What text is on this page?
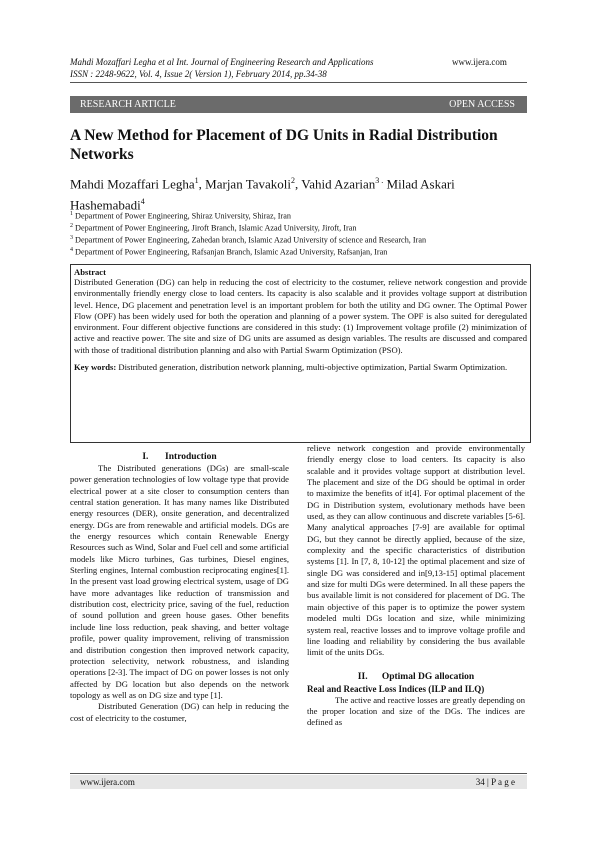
Mahdi Mozaffari Legha et al Int. Journal of Engineering Research and Applications	www.ijera.com
ISSN : 2248-9622, Vol. 4, Issue 2( Version 1), February 2014, pp.34-38
RESEARCH ARTICLE	OPEN ACCESS
A New Method for Placement of DG Units in Radial Distribution Networks
Mahdi Mozaffari Legha$^1$, Marjan Tavakoli$^2$, Vahid Azarian$^{3 .}$ Milad Askari Hashemabadi$^4$
$^1$ Department of Power Engineering, Shiraz University, Shiraz, Iran
$^2$ Department of Power Engineering, Jiroft Branch, Islamic Azad University, Jiroft, Iran
$^3$ Department of Power Engineering, Zahedan branch, Islamic Azad University of science and Research, Iran
$^4$ Department of Power Engineering, Rafsanjan Branch, Islamic Azad University, Rafsanjan, Iran
Abstract
Distributed Generation (DG) can help in reducing the cost of electricity to the costumer, relieve network congestion and provide environmentally friendly energy close to load centers. Its capacity is also scalable and it provides voltage support at distribution level. Hence, DG placement and penetration level is an important problem for both the utility and DG owner. The Optimal Power Flow (OPF) has been widely used for both the operation and planning of a power system. The OPF is also suited for deregulated environment. Four different objective functions are considered in this study: (1) Improvement voltage profile (2) minimization of active and reactive power. The site and size of DG units are assumed as design variables. The results are discussed and compared with those of traditional distribution planning and also with Partial Swarm Optimization (PSO).
Key words: Distributed generation, distribution network planning, multi-objective optimization, Partial Swarm Optimization.
I.       Introduction

The Distributed generations (DGs) are small-scale power generation technologies of low voltage type that provide electrical power at a site closer to consumption centers than central station generation. It has many names like Distributed energy resources (DER), onsite generation, and decentralized energy. DGs are from renewable and artificial models. DGs are the energy resources which contain Renewable Energy Resources such as Wind, Solar and Fuel cell and some artificial models like Micro turbines, Gas turbines, Diesel engines, Sterling engines, Internal combustion reciprocating engines[1]. In the present vast load growing electrical system, usage of DG have more advantages like reduction of transmission and distribution cost, electricity price, saving of the fuel, reduction of sound pollution and green house gases. Other benefits include line loss reduction, peak shaving, and better voltage profile, power quality improvement, reliving of transmission and distribution congestion then improved network capacity, protection selectivity, network robustness, and islanding operations [2-3]. The impact of DG on power losses is not only affected by DG location but also depends on the network topology as well as on DG size and type [1].

Distributed Generation (DG) can help in reducing the cost of electricity to the costumer,

relieve network congestion and provide environmentally friendly energy close to load centers. Its capacity is also scalable and it provides voltage support at distribution level. The placement and size of the DG should be optimal in order to maximize the benefits of it[4]. For optimal placement of the DG in Distribution system, evolutionary methods have been used, as they can allow continuous and discrete variables [5-6]. Many analytical approaches [7-9] are available for optimal DG, but they cannot be directly applied, because of the size, complexity and the specific characteristics of distribution systems [1]. In [7, 8, 10-12] the optimal placement and size of single DG was considered and in[9,13-15] optimal placement and size for multi DGs were determined. In all these papers the bus available limit is not considered for placement of DG. The main objective of this paper is to optimize the power system modeled multi DGs location and size, while minimizing system real, reactive losses and to improve voltage profile and line loading and reliability by considering the bus available limit of the units DGs.

II.      Optimal DG allocation
Real and Reactive Loss Indices (ILP and ILQ)

The active and reactive losses are greatly depending on the proper location and size of the DGs. The indices are defined as

www.ijera.com	34 | P a g e
